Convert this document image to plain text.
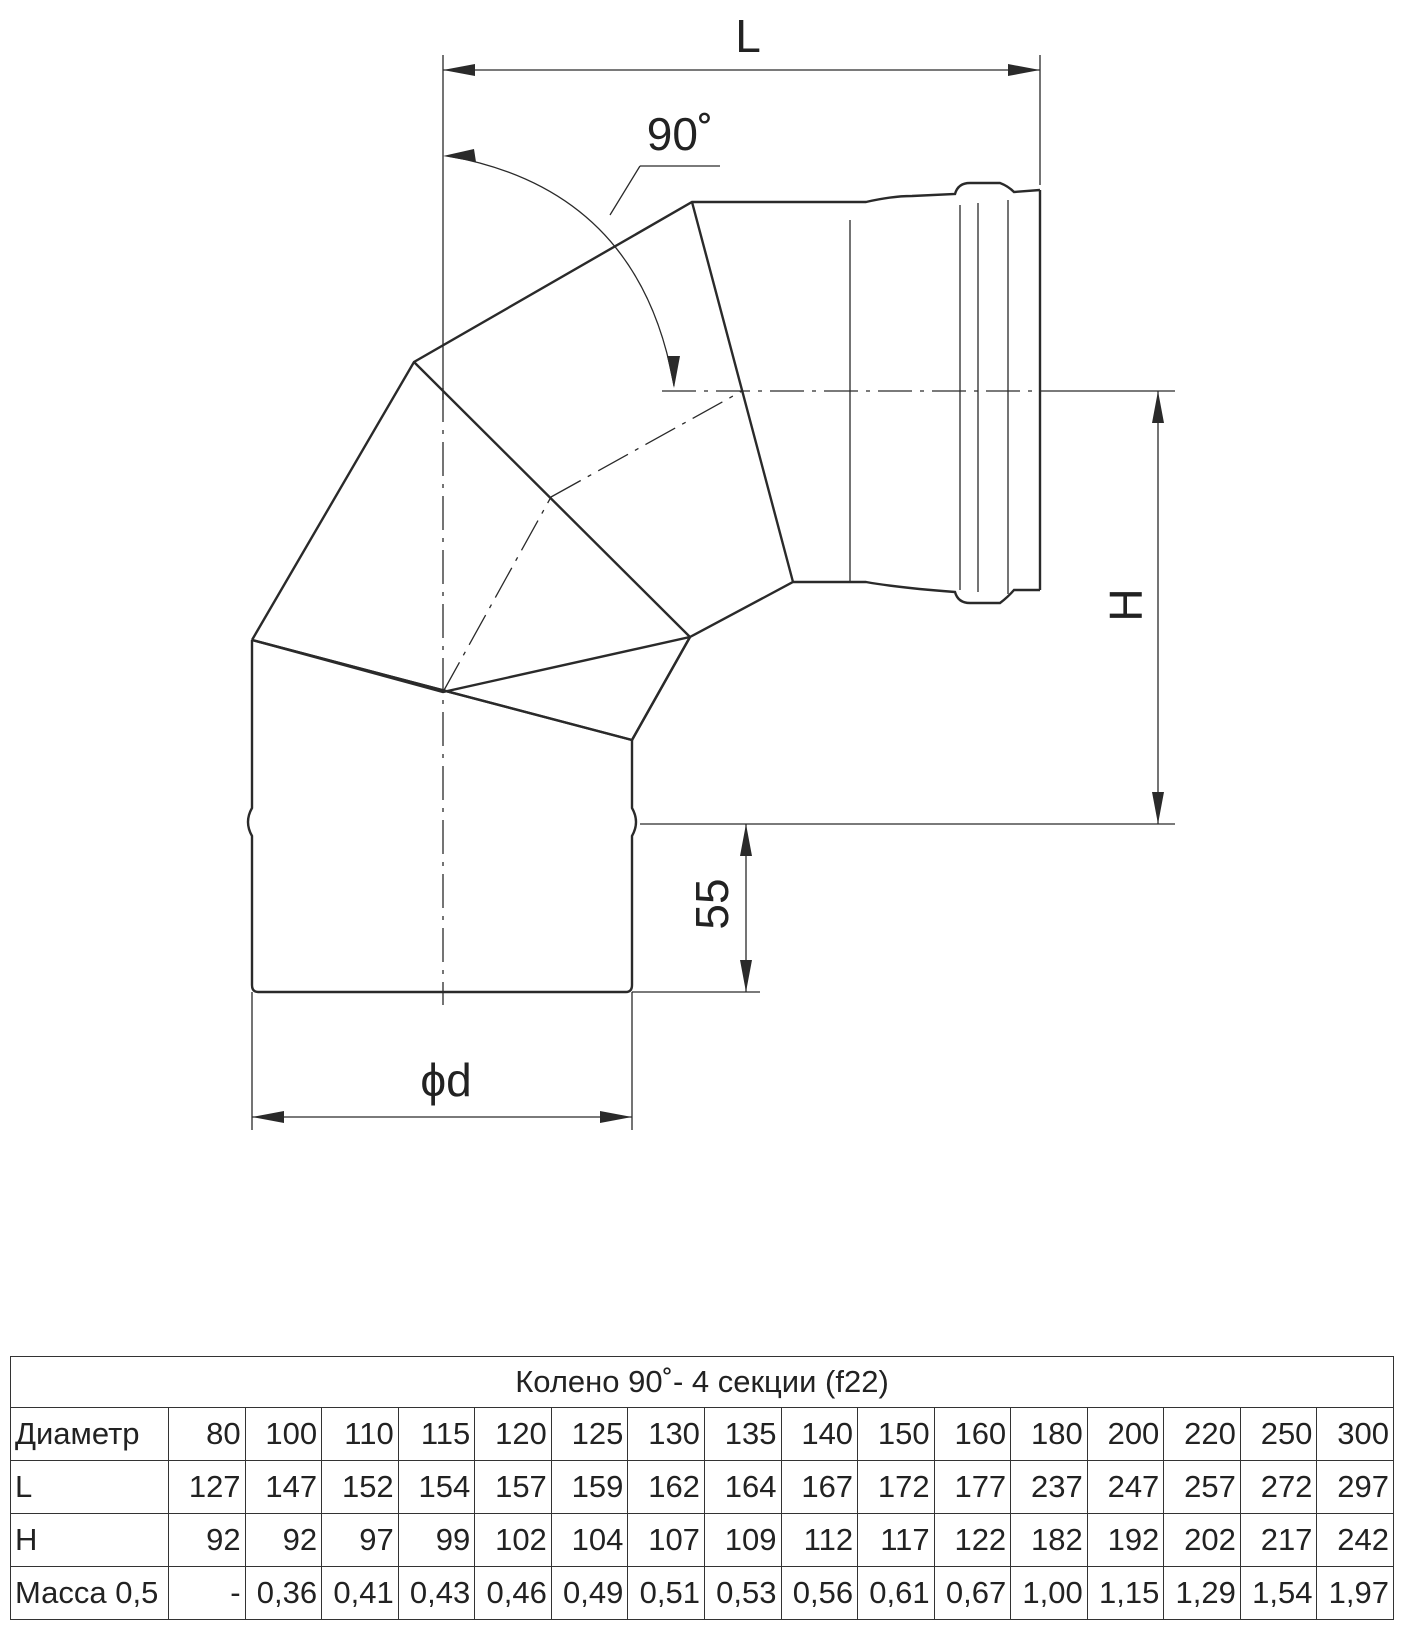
L
90˚
H
55
ϕd
Колено 90˚- 4 секции (f22)																
Диаметр	80	100	110	115	120	125	130	135	140	150	160	180	200	220	250	300
L	127	147	152	154	157	159	162	164	167	172	177	237	247	257	272	297
H	92	92	97	99	102	104	107	109	112	117	122	182	192	202	217	242
Масса 0,5	-	0,36	0,41	0,43	0,46	0,49	0,51	0,53	0,56	0,61	0,67	1,00	1,15	1,29	1,54	1,97
